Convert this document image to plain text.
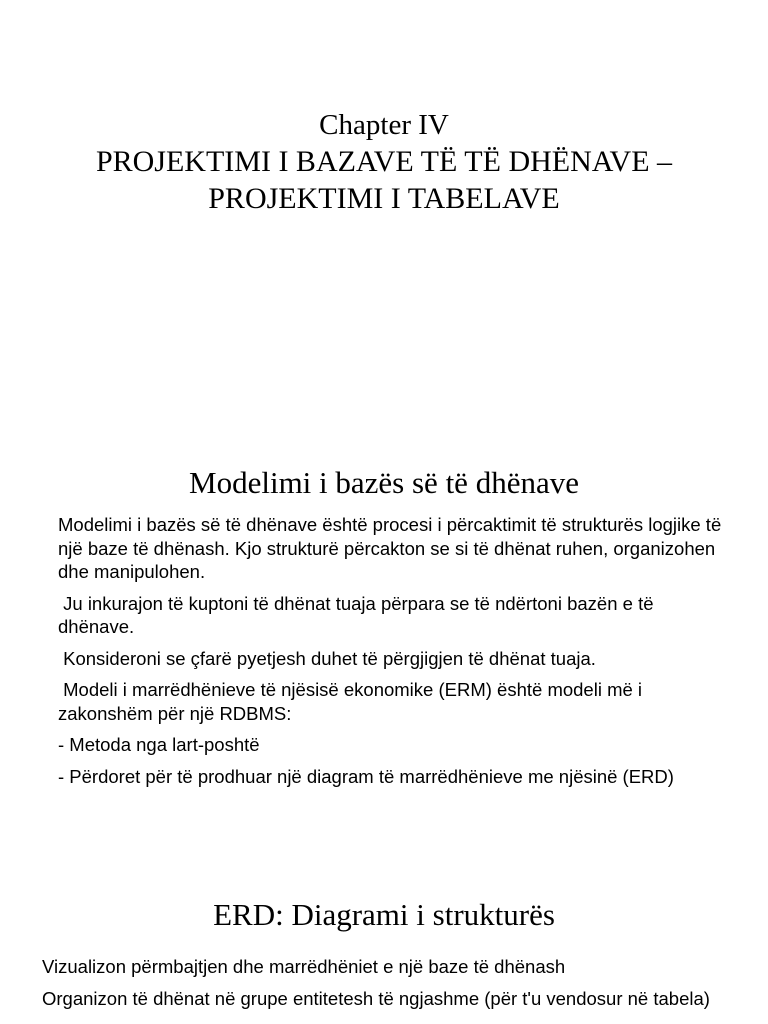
Chapter IV
PROJEKTIMI I BAZAVE TË TË DHËNAVE –
PROJEKTIMI I TABELAVE
Modelimi i bazës së të dhënave

Modelimi i bazës së të dhënave është procesi i përcaktimit të strukturës logjike të një baze të dhënash. Kjo strukturë përcakton se si të dhënat ruhen, organizohen dhe manipulohen.

Ju inkurajon të kuptoni të dhënat tuaja përpara se të ndërtoni bazën e të dhënave.

Konsideroni se çfarë pyetjesh duhet të përgjigjen të dhënat tuaja.

Modeli i marrëdhënieve të njësisë ekonomike (ERM) është modeli më i zakonshëm për një RDBMS:

- Metoda nga lart-poshtë

- Përdoret për të prodhuar një diagram të marrëdhënieve me njësinë (ERD)

ERD: Diagrami i strukturës

Vizualizon përmbajtjen dhe marrëdhëniet e një baze të dhënash

Organizon të dhënat në grupe entitetesh të ngjashme (për t'u vendosur në tabela)
